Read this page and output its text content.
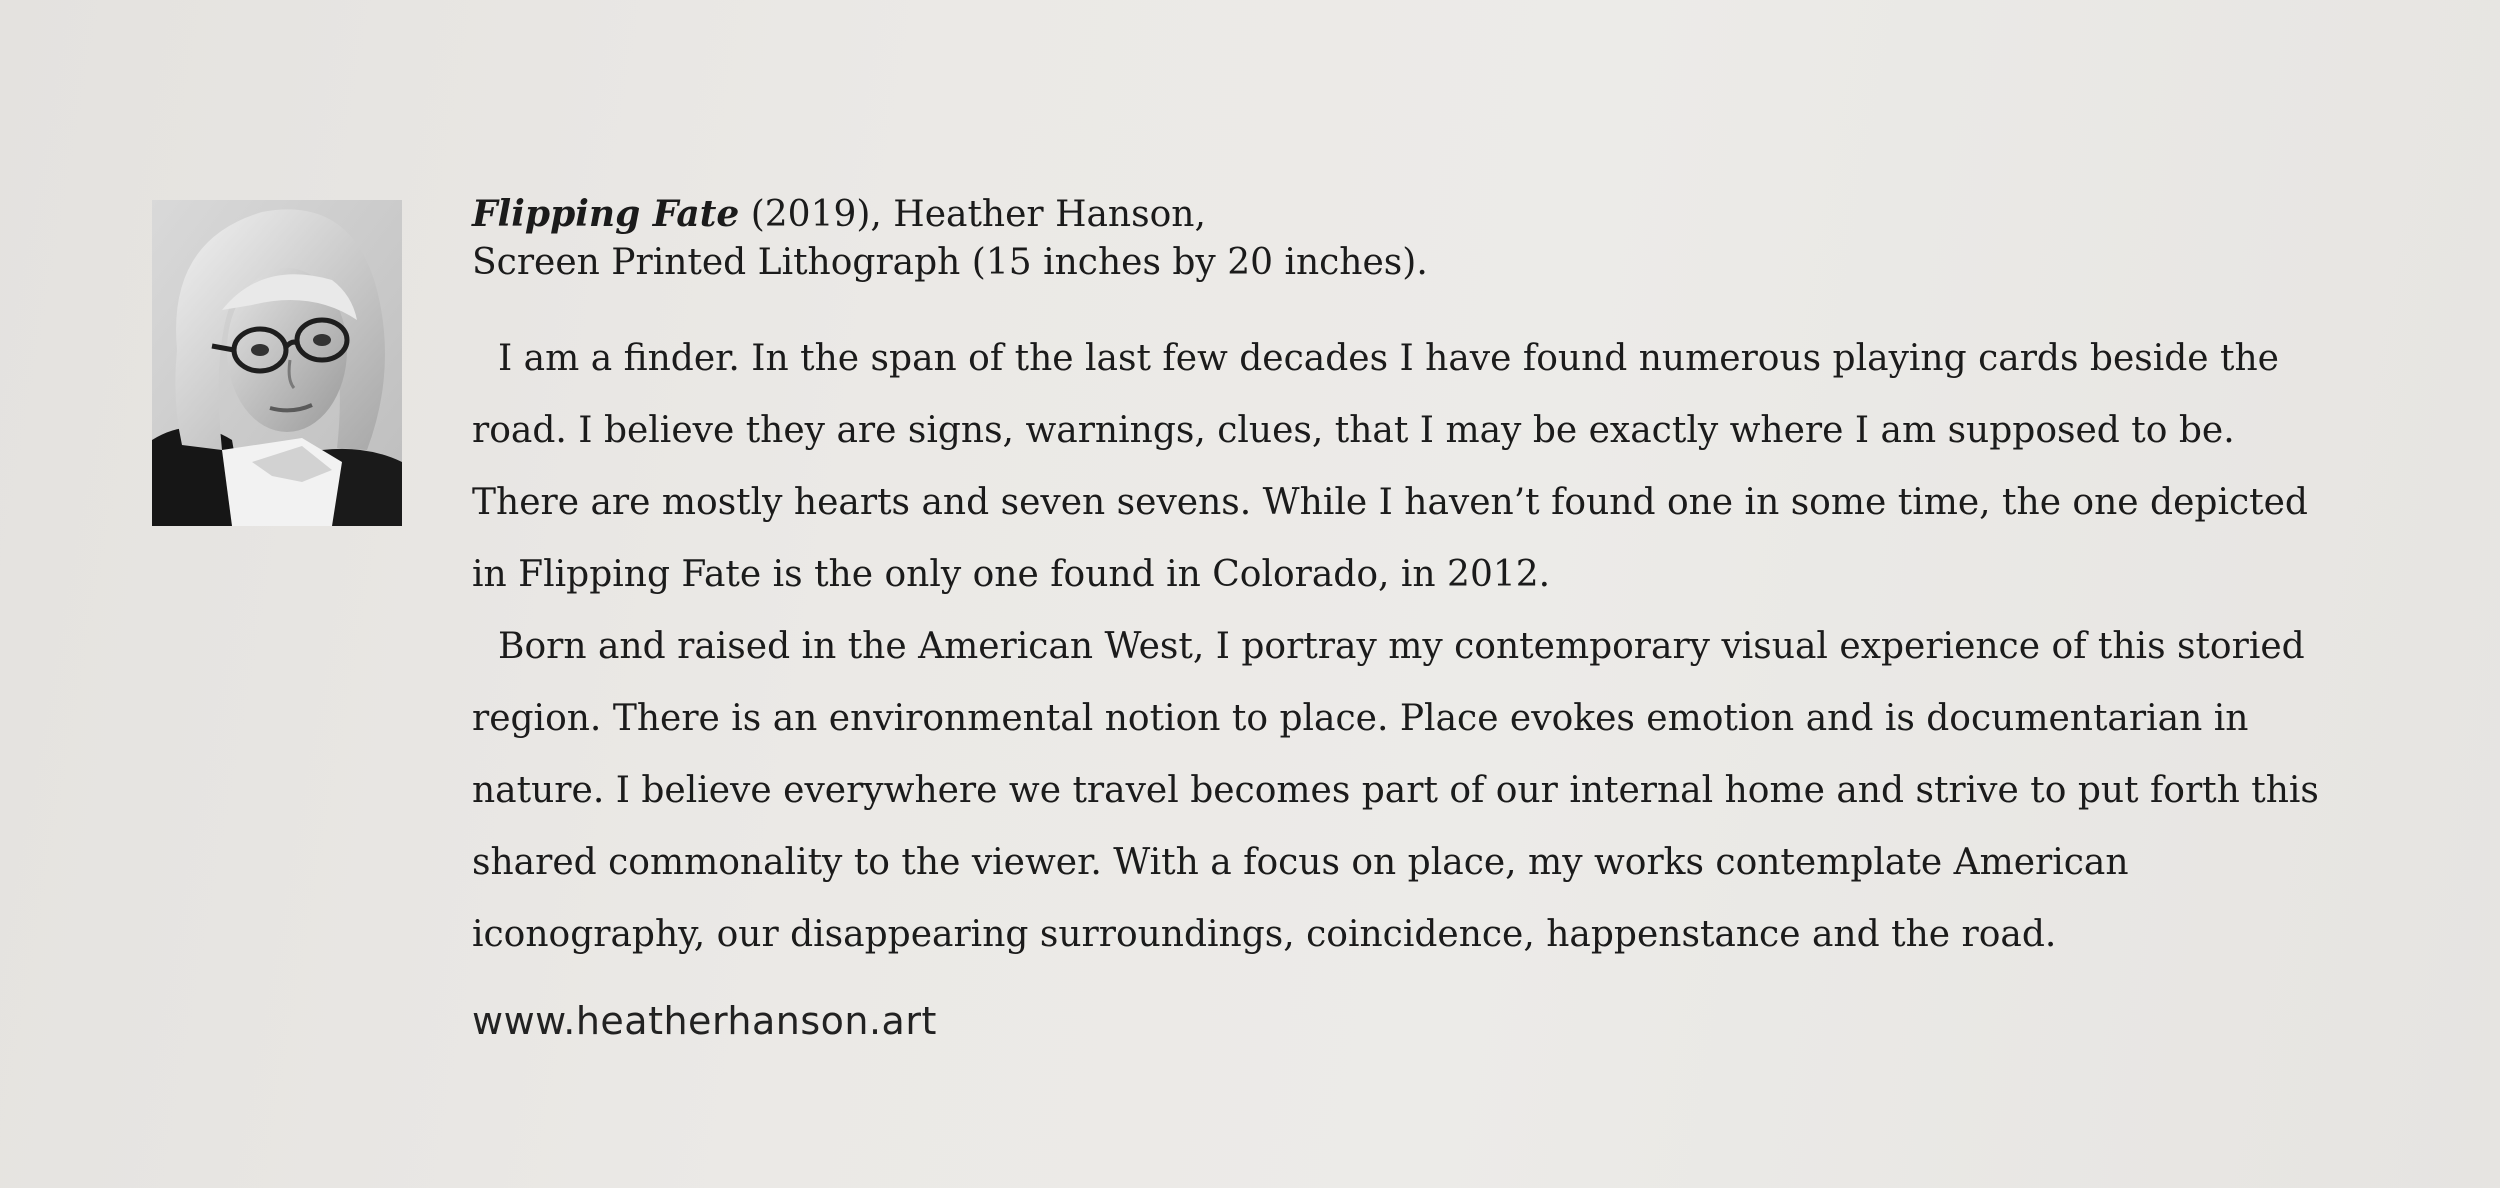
Flipping Fate (2019), Heather Hanson,
Screen Printed Lithograph (15 inches by 20 inches).

I am a finder. In the span of the last few decades I have found numerous playing cards beside the road. I believe they are signs, warnings, clues, that I may be exactly where I am supposed to be. There are mostly hearts and seven sevens. While I haven’t found one in some time, the one depicted in Flipping Fate is the only one found in Colorado, in 2012.

Born and raised in the American West, I portray my contemporary visual experience of this storied region. There is an environmental notion to place. Place evokes emotion and is documentarian in nature. I believe everywhere we travel becomes part of our internal home and strive to put forth this shared commonality to the viewer. With a focus on place, my works contemplate American iconography, our disappearing surroundings, coincidence, happenstance and the road.

www.heatherhanson.art
